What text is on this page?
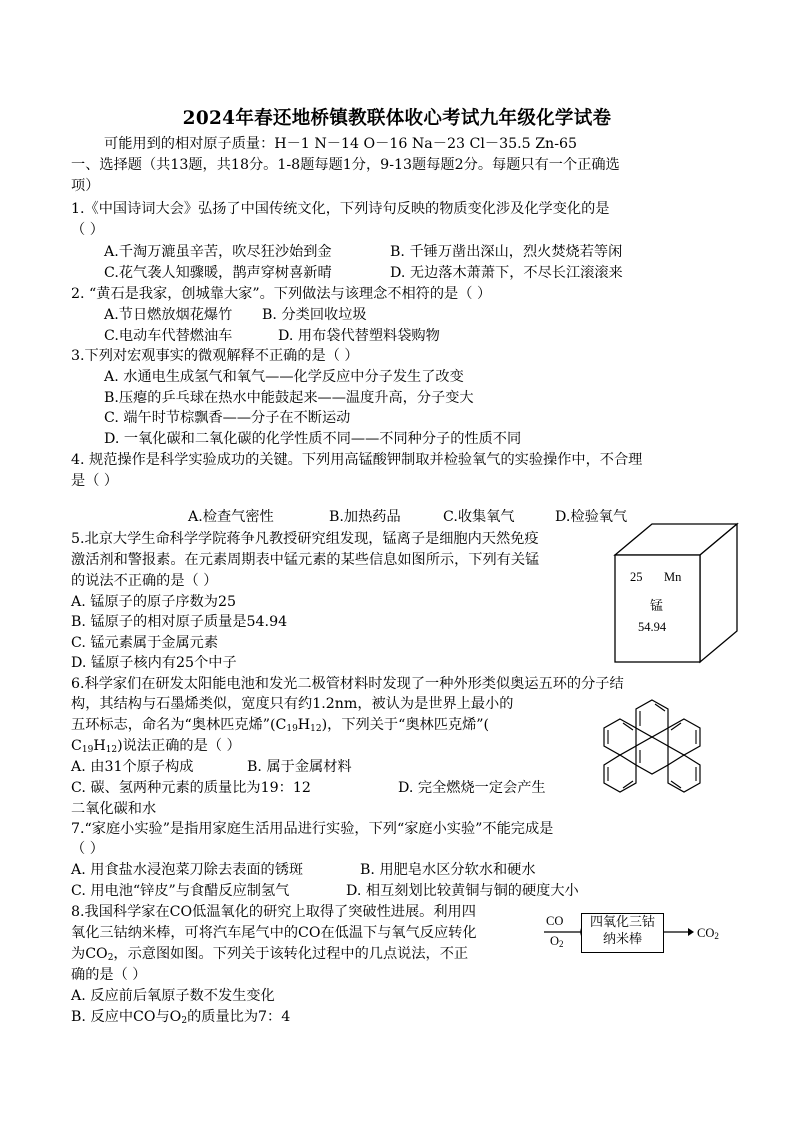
2024年春还地桥镇教联体收心考试九年级化学试卷
可能用到的相对原子质量：H－1 N－14 O－16 Na－23 Cl－35.5 Zn-65
一、选择题（共13题，共18分。1-8题每题1分，9-13题每题2分。每题只有一个正确选
项）
1.《中国诗词大会》弘扬了中国传统文化，下列诗句反映的物质变化涉及化学变化的是
（ ）
A.千淘万漉虽辛苦，吹尽狂沙始到金	B. 千锤万凿出深山，烈火焚烧若等闲
C.花气袭人知骤暖，鹊声穿树喜新晴	D. 无边落木萧萧下，不尽长江滚滚来
2. “黄石是我家，创城靠大家”。下列做法与该理念不相符的是（ ）
A.节日燃放烟花爆竹 B. 分类回收垃圾
C.电动车代替燃油车	D. 用布袋代替塑料袋购物
3.下列对宏观事实的微观解释不正确的是（ ）
A. 水通电生成氢气和氧气——化学反应中分子发生了改变
B.压瘪的乒乓球在热水中能鼓起来——温度升高，分子变大
C. 端午时节棕飘香——分子在不断运动
D. 一氧化碳和二氧化碳的化学性质不同——不同种分子的性质不同
4. 规范操作是科学实验成功的关键。下列用高锰酸钾制取并检验氧气的实验操作中，不合理
是（ ）
A.检查气密性	B.加热药品	C.收集氧气	D.检验氧气
5.北京大学生命科学学院蒋争凡教授研究组发现，锰离子是细胞内天然免疫
激活剂和警报素。在元素周期表中锰元素的某些信息如图所示，下列有关锰
的说法不正确的是（ ）
A. 锰原子的原子序数为25
B. 锰原子的相对原子质量是54.94
C. 锰元素属于金属元素
D. 锰原子核内有25个中子
25 Mn
锰
54.94
6.科学家们在研发太阳能电池和发光二极管材料时发现了一种外形类似奥运五环的分子结
构，其结构与石墨烯类似，宽度只有约1.2nm，被认为是世界上最小的
五环标志，命名为“奥林匹克烯$”(C_{19}H_{12})$，下列关于“奥林匹克烯”(
$C_{19}H_{12}$)说法正确的是（ ）
A. 由31个原子构成	B. 属于金属材料
C. 碳、氢两种元素的质量比为19：12	D. 完全燃烧一定会产生
二氧化碳和水
7.“家庭小实验”是指用家庭生活用品进行实验，下列“家庭小实验”不能完成是
（ ）
A. 用食盐水浸泡菜刀除去表面的锈斑	B. 用肥皂水区分软水和硬水
C. 用电池“锌皮”与食醋反应制氢气	D. 相互刻划比较黄铜与铜的硬度大小
8.我国科学家在CO低温氧化的研究上取得了突破性进展。利用四
氧化三钴纳米棒，可将汽车尾气中的CO在低温下与氧气反应转化
为$CO_2$，示意图如图。下列关于该转化过程中的几点说法，不正
确的是（ ）
A. 反应前后氧原子数不发生变化
B. 反应中CO与$O_2$的质量比为7：4
CO
$O_2$
四氧化三钴
纳米棒	$CO_2$
